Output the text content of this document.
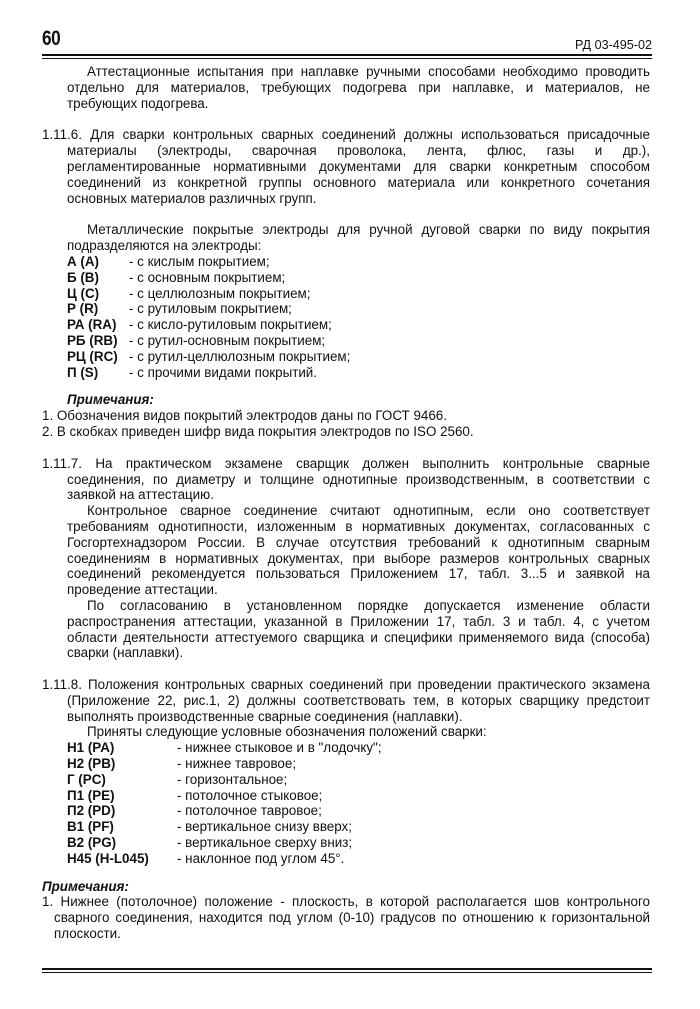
60	РД 03-495-02

Аттестационные испытания при наплавке ручными способами необходимо проводить отдельно для материалов, требующих подогрева при наплавке, и материалов, не требующих подогрева.

1.11.6. Для сварки контрольных сварных соединений должны использоваться присадочные материалы (электроды, сварочная проволока, лента, флюс, газы и др.), регламентированные нормативными документами для сварки конкретным способом соединений из конкретной группы основного материала или конкретного сочетания основных материалов различных групп.

Металлические покрытые электроды для ручной дуговой сварки по виду покрытия подразделяются на электроды:

А (А)	- с кислым покрытием;
Б (В)	- с основным покрытием;
Ц (С)	- с целлюлозным покрытием;
Р (R)	- с рутиловым покрытием;
РА (RA) - с кисло-рутиловым покрытием;
РБ (RB) - с рутил-основным покрытием;
РЦ (RC) - с рутил-целлюлозным покрытием;
П (S)	- с прочими видами покрытий.
Примечания:
1. Обозначения видов покрытий электродов даны по ГОСТ 9466.
2. В скобках приведен шифр вида покрытия электродов по ISO 2560.

1.11.7. На практическом экзамене сварщик должен выполнить контрольные сварные соединения, по диаметру и толщине однотипные производственным, в соответствии с заявкой на аттестацию.

Контрольное сварное соединение считают однотипным, если оно соответствует требованиям однотипности, изложенным в нормативных документах, согласованных с Госгортехнадзором России. В случае отсутствия требований к однотипным сварным соединениям в нормативных документах, при выборе размеров контрольных сварных соединений рекомендуется пользоваться Приложением 17, табл. 3...5 и заявкой на проведение аттестации.

По согласованию в установленном порядке допускается изменение области распространения аттестации, указанной в Приложении 17, табл. 3 и табл. 4, с учетом области деятельности аттестуемого сварщика и специфики применяемого вида (способа) сварки (наплавки).

1.11.8. Положения контрольных сварных соединений при проведении практического экзамена (Приложение 22, рис.1, 2) должны соответствовать тем, в которых сварщику предстоит выполнять производственные сварные соединения (наплавки).

Приняты следующие условные обозначения положений сварки:

Н1 (PA)	- нижнее стыковое и в "лодочку";
Н2 (PB)	- нижнее тавровое;
Г (PC)	- горизонтальное;
П1 (PE)	- потолочное стыковое;
П2 (PD)	- потолочное тавровое;
В1 (PF)	- вертикальное снизу вверх;
В2 (PG)	- вертикальное сверху вниз;
Н45 (H-L045)	- наклонное под углом 45°.
Примечания:
1. Нижнее (потолочное) положение - плоскость, в которой располагается шов контрольного сварного соединения, находится под углом (0-10) градусов по отношению к горизонтальной плоскости.
